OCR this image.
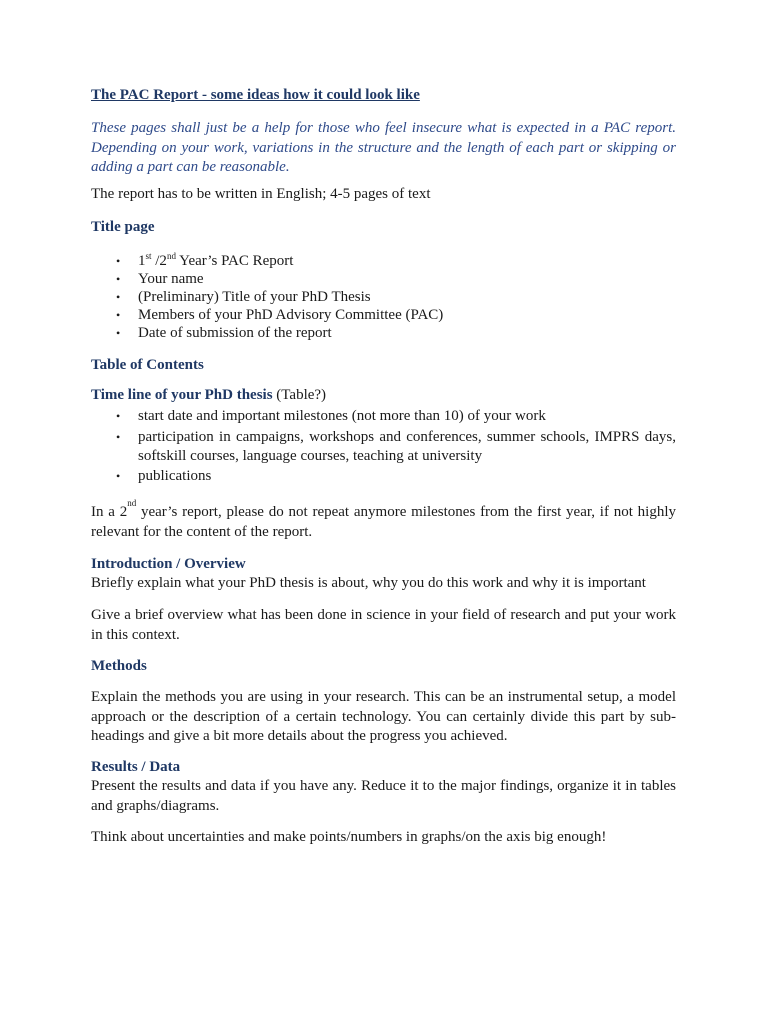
The PAC Report - some ideas how it could look like

These pages shall just be a help for those who feel insecure what is expected in a PAC report. Depending on your work, variations in the structure and the length of each part or skipping or adding a part can be reasonable.

The report has to be written in English; 4-5 pages of text

Title page

• 1st /2nd Year’s PAC Report
• Your name
• (Preliminary) Title of your PhD Thesis
• Members of your PhD Advisory Committee (PAC)
• Date of submission of the report

Table of Contents

Time line of your PhD thesis (Table?)

• start date and important milestones (not more than 10) of your work
• participation in campaigns, workshops and conferences, summer schools, IMPRS days, softskill courses, language courses, teaching at university
• publications

In a 2nd year’s report, please do not repeat anymore milestones from the first year, if not highly relevant for the content of the report.

Introduction / Overview

Briefly explain what your PhD thesis is about, why you do this work and why it is important

Give a brief overview what has been done in science in your field of research and put your work in this context.

Methods

Explain the methods you are using in your research. This can be an instrumental setup, a model approach or the description of a certain technology. You can certainly divide this part by sub-headings and give a bit more details about the progress you achieved.

Results / Data

Present the results and data if you have any. Reduce it to the major findings, organize it in tables and graphs/diagrams.

Think about uncertainties and make points/numbers in graphs/on the axis big enough!
